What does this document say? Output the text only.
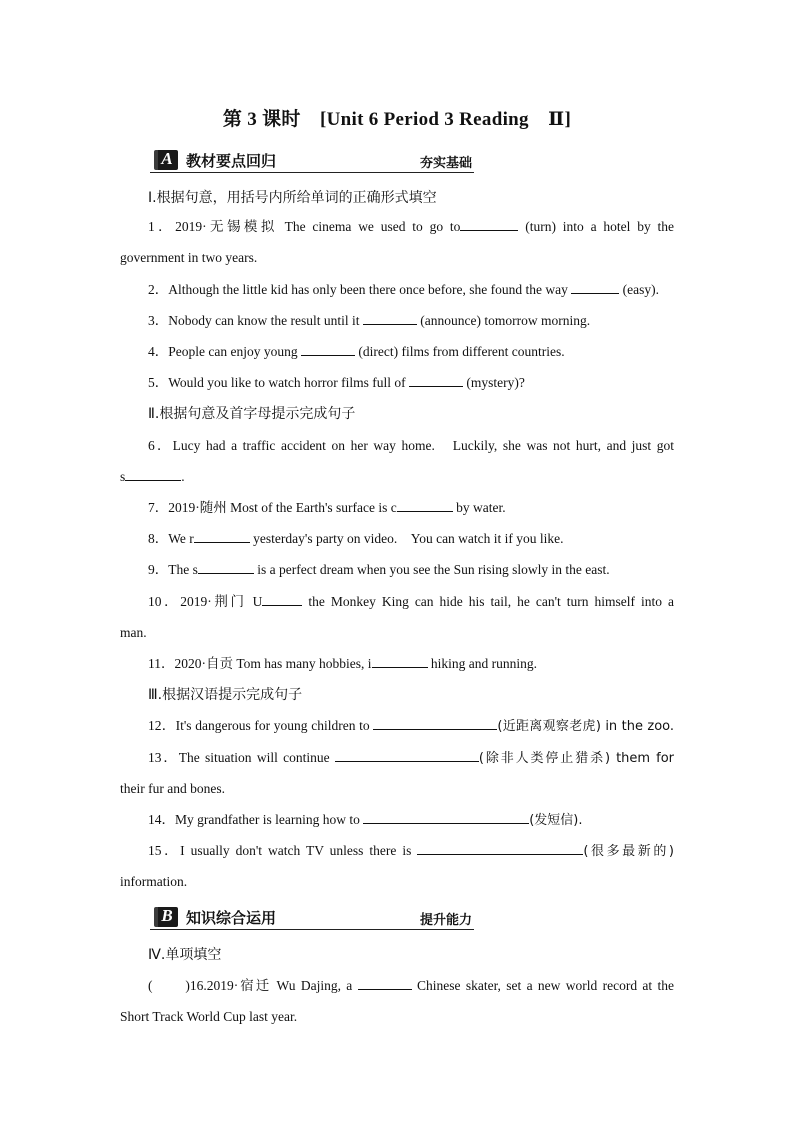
第 3 课时　[Unit 6 Period 3 Reading　Ⅱ]
A 教材要点回归	夯实基础
Ⅰ.根据句意，用括号内所给单词的正确形式填空
1．2019·无锡模拟 The cinema we used to go to	(turn) into a hotel by the
government in two years.
2．Although the little kid has only been there once before, she found the way	(easy).
3．Nobody can know the result until it	(announce) tomorrow morning.
4．People can enjoy young	(direct) films from different countries.
5．Would you like to watch horror films full of	(mystery)?
Ⅱ.根据句意及首字母提示完成句子
6．Lucy had a traffic accident on her way home.　Luckily, she was not hurt, and just got
s	.
7．2019·随州 Most of the Earth's surface is c	by water.
8．We r	yesterday's party on video.　You can watch it if you like.
9．The s	is a perfect dream when you see the Sun rising slowly in the east.
10．2019·荆门 U	the Monkey King can hide his tail, he can't turn himself into a
man.
11．2020·自贡 Tom has many hobbies, i	hiking and running.
Ⅲ.根据汉语提示完成句子
12．It's dangerous for young children to	(近距离观察老虎) in the zoo.
13．The situation will continue	(除非人类停止猎杀) them for
their fur and bones.
14．My grandfather is learning how to	(发短信).
15．I usually don't watch TV unless there is	(很多最新的)
information.
B 知识综合运用	提升能力
Ⅳ.单项填空
(　　)16.2019·宿迁 Wu Dajing, a	Chinese skater, set a new world record at the
Short Track World Cup last year.
